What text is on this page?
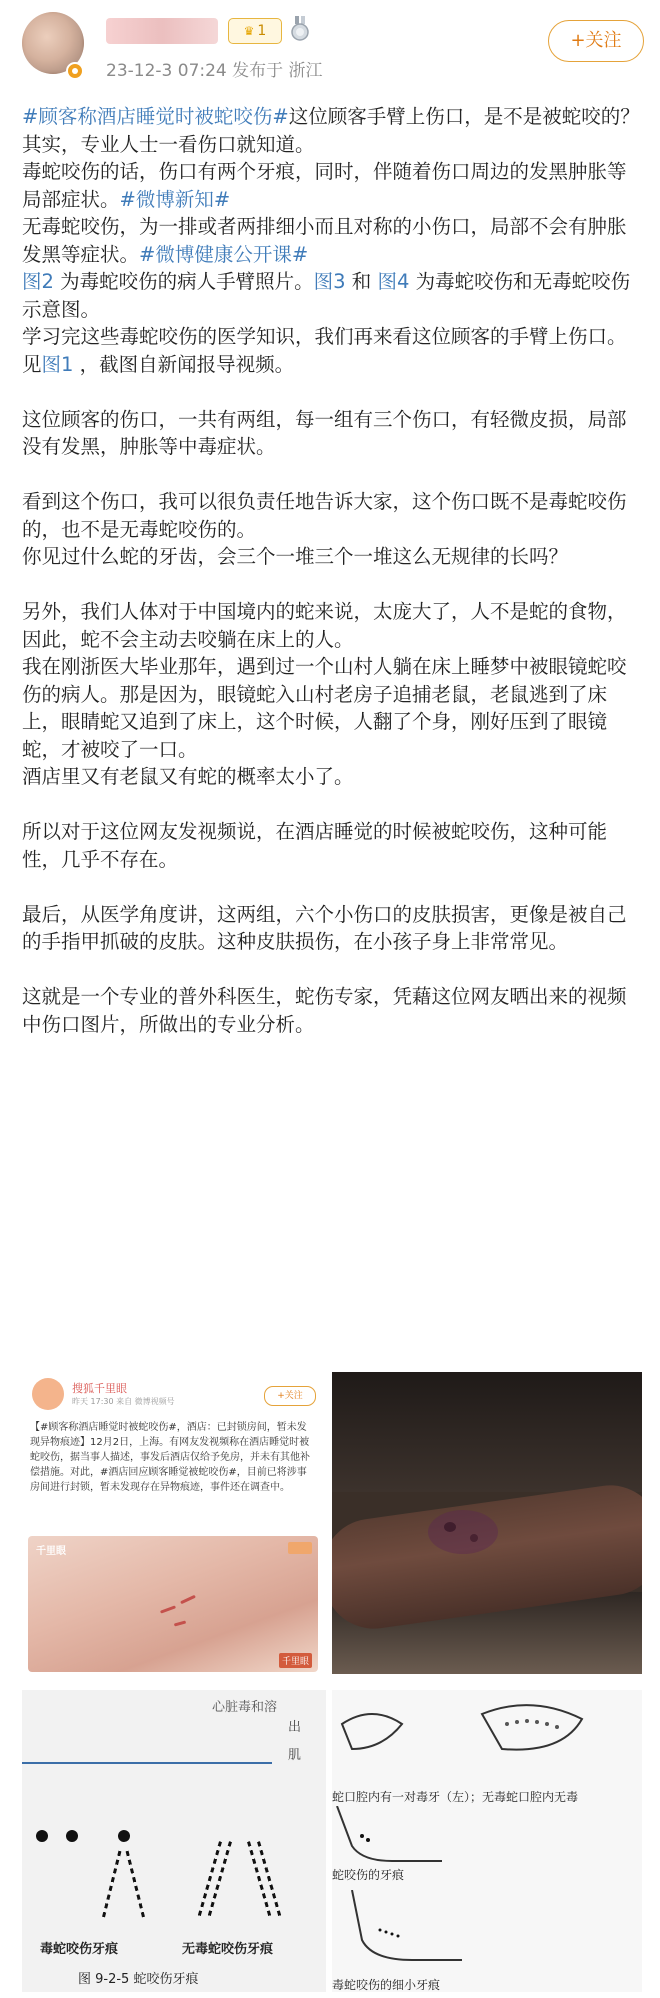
♛ 1
23-12-3 07:24 发布于 浙江
+关注

#顾客称酒店睡觉时被蛇咬伤#这位顾客手臂上伤口，是不是被蛇咬的？其实，专业人士一看伤口就知道。

毒蛇咬伤的话，伤口有两个牙痕，同时，伴随着伤口周边的发黑肿胀等局部症状。#微博新知#

无毒蛇咬伤，为一排或者两排细小而且对称的小伤口，局部不会有肿胀发黑等症状。#微博健康公开课#

图2 为毒蛇咬伤的病人手臂照片。图3 和 图4 为毒蛇咬伤和无毒蛇咬伤示意图。

学习完这些毒蛇咬伤的医学知识，我们再来看这位顾客的手臂上伤口。见图1 ，截图自新闻报导视频。

这位顾客的伤口，一共有两组，每一组有三个伤口，有轻微皮损，局部没有发黑，肿胀等中毒症状。

看到这个伤口，我可以很负责任地告诉大家，这个伤口既不是毒蛇咬伤的，也不是无毒蛇咬伤的。

你见过什么蛇的牙齿，会三个一堆三个一堆这么无规律的长吗？

另外，我们人体对于中国境内的蛇来说，太庞大了，人不是蛇的食物，因此，蛇不会主动去咬躺在床上的人。

我在刚浙医大毕业那年，遇到过一个山村人躺在床上睡梦中被眼镜蛇咬伤的病人。那是因为，眼镜蛇入山村老房子追捕老鼠，老鼠逃到了床上，眼睛蛇又追到了床上，这个时候，人翻了个身，刚好压到了眼镜蛇，才被咬了一口。

酒店里又有老鼠又有蛇的概率太小了。

所以对于这位网友发视频说，在酒店睡觉的时候被蛇咬伤，这种可能性，几乎不存在。

最后，从医学角度讲，这两组，六个小伤口的皮肤损害，更像是被自己的手指甲抓破的皮肤。这种皮肤损伤，在小孩子身上非常常见。

这就是一个专业的普外科医生，蛇伤专家，凭藉这位网友晒出来的视频中伤口图片，所做出的专业分析。

搜狐千里眼
昨天 17:30 来自 微博视频号
+关注
【#顾客称酒店睡觉时被蛇咬伤#，酒店：已封锁房间，暂未发现异物痕迹】12月2日，上海。有网友发视频称在酒店睡觉时被蛇咬伤，据当事人描述，事发后酒店仅给予免房，并未有其他补偿措施。对此，#酒店回应顾客睡觉被蛇咬伤#，目前已将涉事房间进行封锁，暂未发现存在异物痕迹，事件还在调查中。
千里眼
千里眼
心脏毒和溶
出
肌
毒蛇咬伤牙痕	无毒蛇咬伤牙痕
图 9-2-5 蛇咬伤牙痕
蛇口腔内有一对毒牙（左）；无毒蛇口腔内无毒
蛇咬伤的牙痕
毒蛇咬伤的细小牙痕
